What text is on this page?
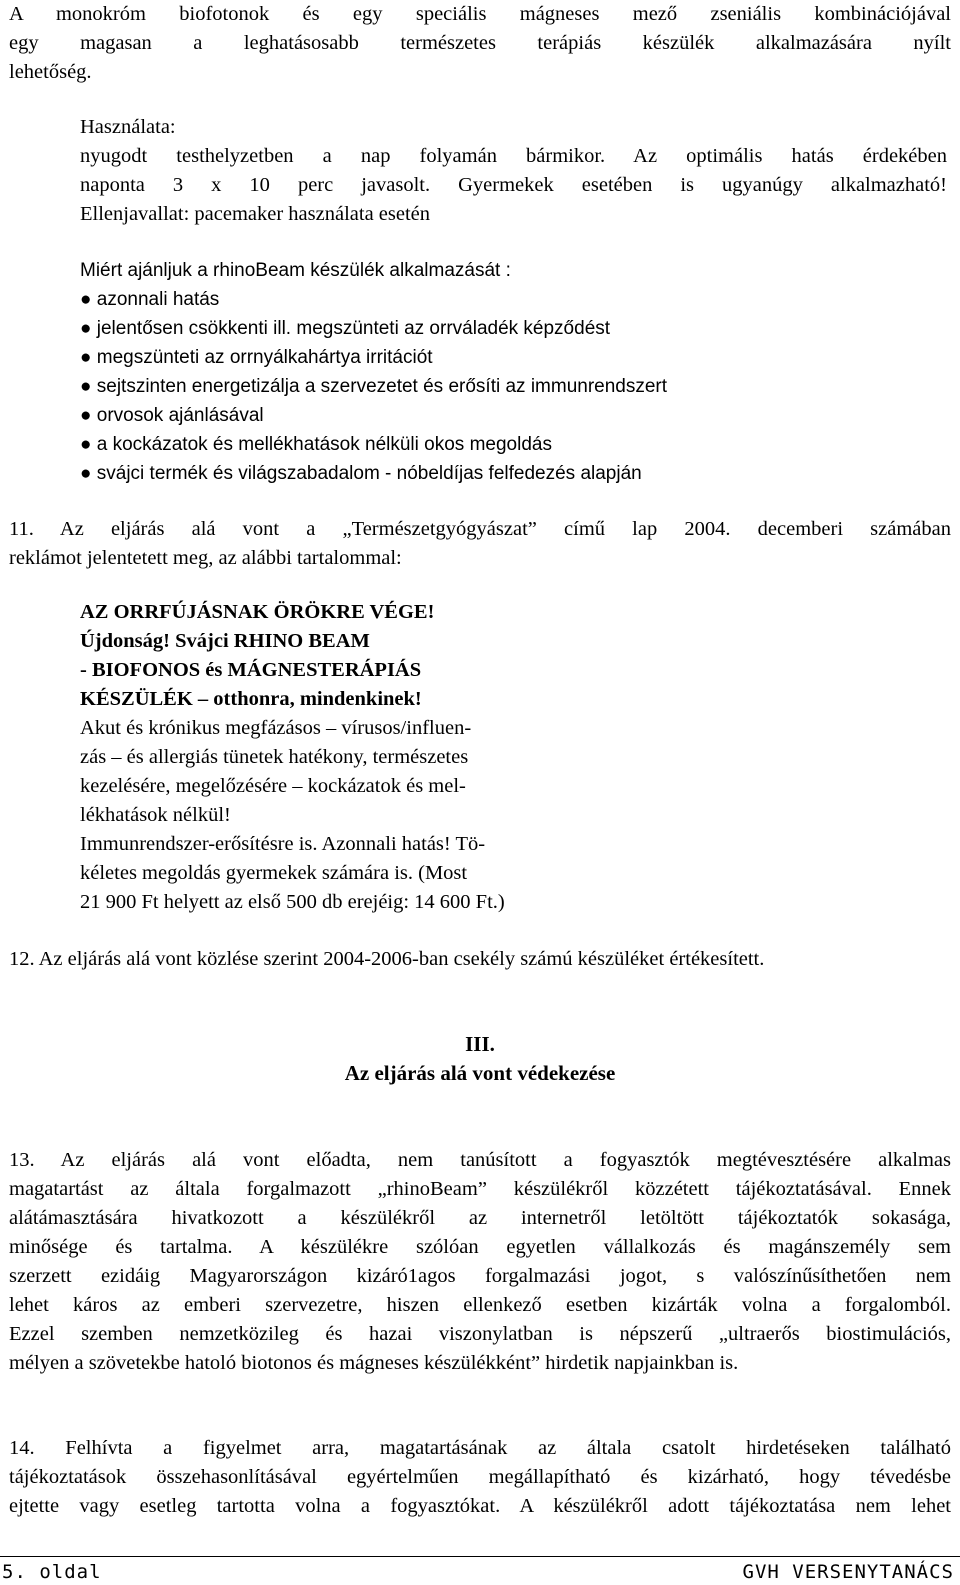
A monokróm biofotonok és egy speciális mágneses mező zseniális kombinációjával

egy magasan a leghatásosabb természetes terápiás készülék alkalmazására nyílt

lehetőség.

Használata:

nyugodt testhelyzetben a nap folyamán bármikor. Az optimális hatás érdekében

naponta 3 x 10 perc javasolt. Gyermekek esetében is ugyanúgy alkalmazható!

Ellenjavallat: pacemaker használata esetén

Miért ajánljuk a rhinoBeam készülék alkalmazását :

● azonnali hatás

● jelentősen csökkenti ill. megszünteti az orrváladék képződést

● megszünteti az orrnyálkahártya irritációt

● sejtszinten energetizálja a szervezetet és erősíti az immunrendszert

● orvosok ajánlásával

● a kockázatok és mellékhatások nélküli okos megoldás

● svájci termék és világszabadalom - nóbeldíjas felfedezés alapján

11. Az eljárás alá vont a „Természetgyógyászat” című lap 2004. decemberi számában

reklámot jelentetett meg, az alábbi tartalommal:

AZ ORRFÚJÁSNAK ÖRÖKRE VÉGE!

Újdonság! Svájci RHINO BEAM

- BIOFONOS és MÁGNESTERÁPIÁS

KÉSZÜLÉK – otthonra, mindenkinek!

Akut és krónikus megfázásos – vírusos/influen-

zás – és allergiás tünetek hatékony, természetes

kezelésére, megelőzésére – kockázatok és mel-

lékhatások nélkül!

Immunrendszer-erősítésre is. Azonnali hatás! Tö-

kéletes megoldás gyermekek számára is. (Most

21 900 Ft helyett az első 500 db erejéig: 14 600 Ft.)

12. Az eljárás alá vont közlése szerint 2004-2006-ban csekély számú készüléket értékesített.

III.
Az eljárás alá vont védekezése

13. Az eljárás alá vont előadta, nem tanúsított a fogyasztók megtévesztésére alkalmas

magatartást az általa forgalmazott „rhinoBeam” készülékről közzétett tájékoztatásával. Ennek

alátámasztására hivatkozott a készülékről az internetről letöltött tájékoztatók sokasága,

minősége és tartalma. A készülékre szólóan egyetlen vállalkozás és magánszemély sem

szerzett ezidáig Magyarországon kizáró1agos forgalmazási jogot, s valószínűsíthetően nem

lehet káros az emberi szervezetre, hiszen ellenkező esetben kizárták volna a forgalomból.

Ezzel szemben nemzetközileg és hazai viszonylatban is népszerű „ultraerős biostimulációs,

mélyen a szövetekbe hatoló biotonos és mágneses készülékként” hirdetik napjainkban is.

14. Felhívta a figyelmet arra, magatartásának az általa csatolt hirdetéseken található

tájékoztatások összehasonlításával egyértelműen megállapítható és kizárható, hogy tévedésbe

ejtette vagy esetleg tartotta volna a fogyasztókat. A készülékről adott tájékoztatása nem lehet

5. oldal	GVH VERSENYTANÁCS
